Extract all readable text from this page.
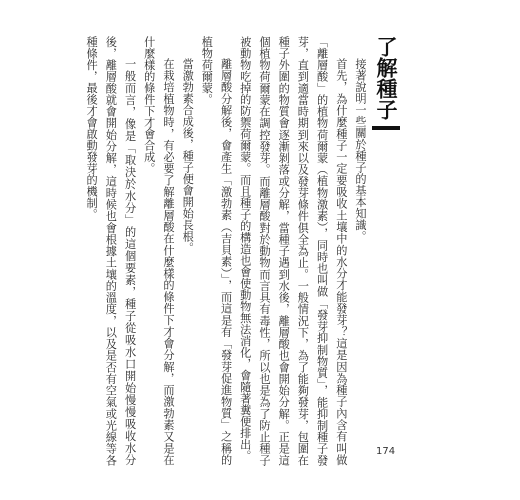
了解種子

接著說明一些關於種子的基本知識。

首先，為什麼種子一定要吸收土壤中的水分才能發芽？這是因為種子內含有叫做「離層酸」的植物荷爾蒙（植物激素），同時也叫做「發芽抑制物質」，能抑制種子發芽，直到適當時期到來以及發芽條件俱全為止。一般情況下，為了能夠發芽，包圍在種子外圍的物質會逐漸剝落或分解，當種子遇到水後，離層酸也會開始分解。正是這個植物荷爾蒙在調控發芽。而離層酸對於動物而言具有毒性，所以也是為了防止種子被動物吃掉的防禦荷爾蒙。而且種子的構造也會使動物無法消化，會隨著糞便排出。

離層酸分解後，會產生「激勃素（吉貝素）」，而這是有「發芽促進物質」之稱的植物荷爾蒙。

當激勃素合成後，種子便會開始長根。

在栽培植物時，有必要了解離層酸在什麼樣的條件下才會分解，而激勃素又是在什麼樣的條件下才會合成。

一般而言，像是「取決於水分」的這個要素，種子從吸水口開始慢慢吸收水分後，離層酸就會開始分解，這時候也會根據土壤的溫度，以及是否有空氣或光線等各種條件，最後才會啟動發芽的機制。

174
